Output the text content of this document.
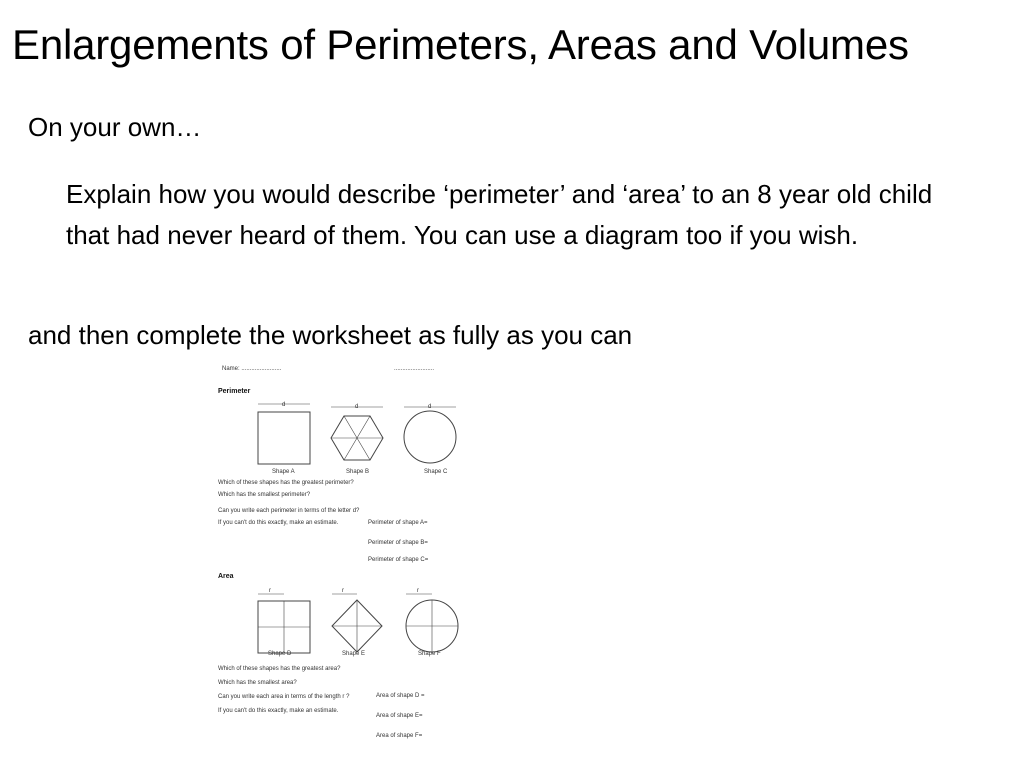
Enlargements of Perimeters, Areas and Volumes
On your own…
Explain how you would describe ‘perimeter’ and ‘area’ to an 8 year old child that had never heard of them. You can use a diagram too if you wish.
and then complete the worksheet as fully as you can
Name: ........................	........................
Perimeter
d	d	d
Shape A	Shape B	Shape C
Which of these shapes has the greatest perimeter?
Which has the smallest perimeter?
Can you write each perimeter in terms of the letter d?
If you can't do this exactly, make an estimate.	Perimeter of shape A=
Perimeter of shape B=
Perimeter of shape C=
Area
r	r	r
Shape D	Shape E	Shape F
Which of these shapes has the greatest area?
Which has the smallest area?
Can you write each area in terms of the length r ?
If you can't do this exactly, make an estimate.
Area of shape D =
Area of shape E=
Area of shape F=
